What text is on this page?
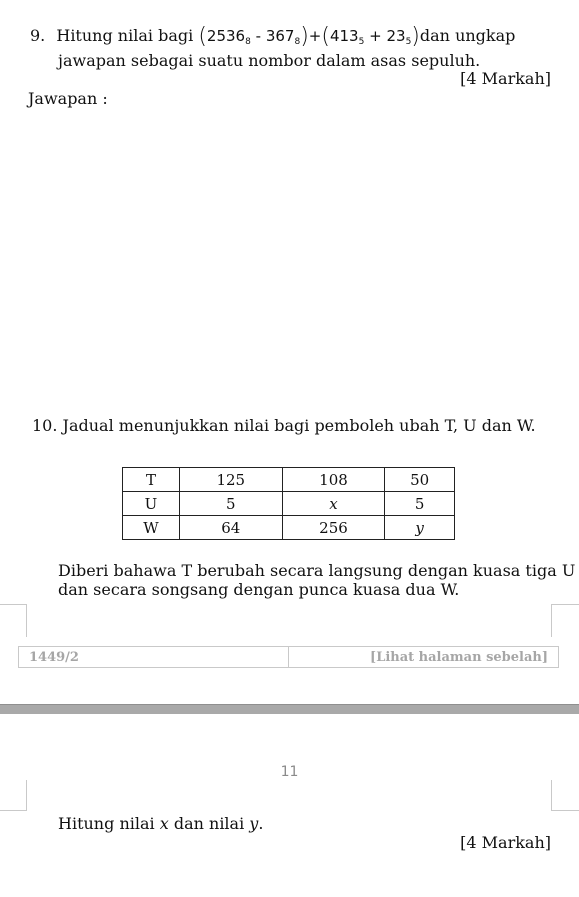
9. Hitung nilai bagi $(2536_8 - 367_8)+(413_5 + 23_5)dan$ ungkap
jawapan sebagai suatu nombor dalam asas sepuluh.
[4 Markah]
Jawapan :
10. Jadual menunjukkan nilai bagi pemboleh ubah T, U dan W.
T	125	108	50
U	5	x	5
W	64	256	y
Diberi bahawa T berubah secara langsung dengan kuasa tiga U
dan secara songsang dengan punca kuasa dua W.
1449/2	[Lihat halaman sebelah]
11
Hitung nilai x dan nilai y.
[4 Markah]
